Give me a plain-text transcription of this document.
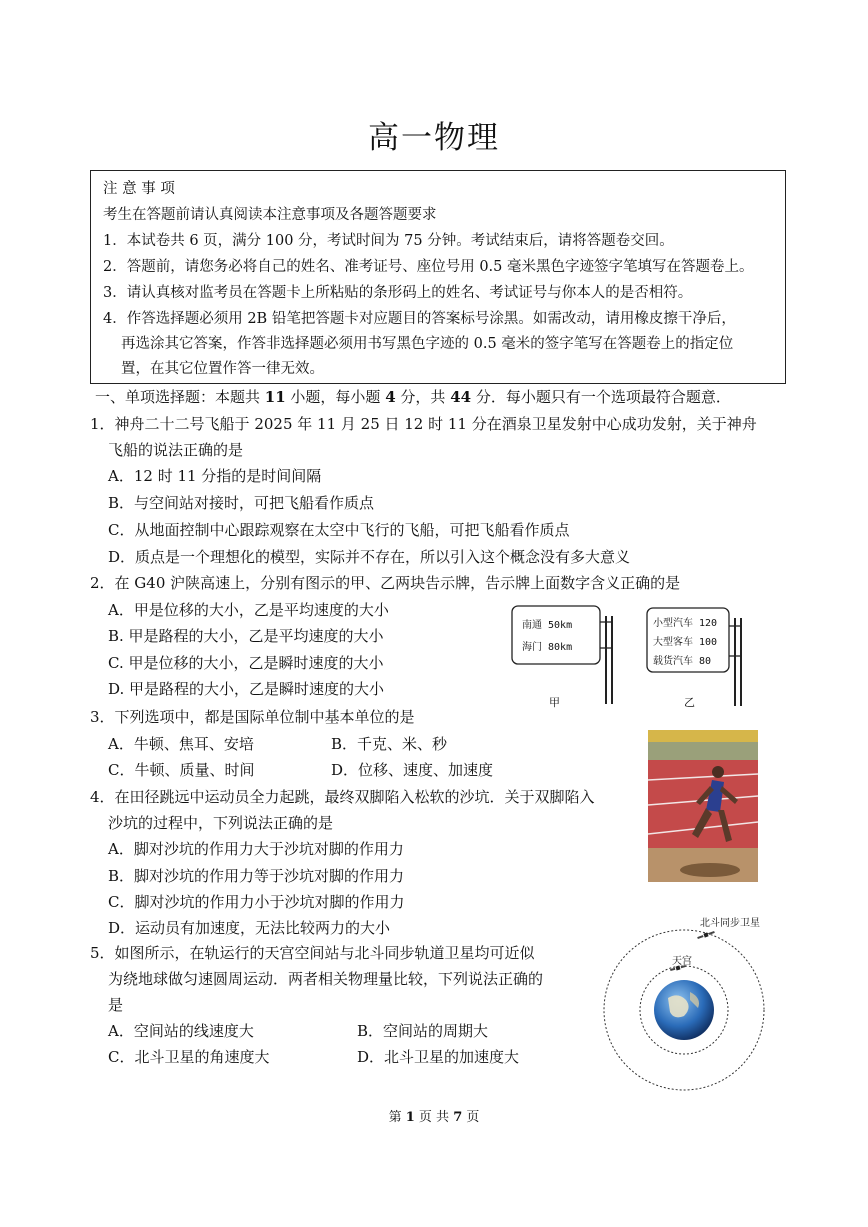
高一物理
注 意 事 项
考生在答题前请认真阅读本注意事项及各题答题要求
1．本试卷共 6 页，满分 100 分，考试时间为 75 分钟。考试结束后，请将答题卷交回。
2．答题前，请您务必将自己的姓名、准考证号、座位号用 0.5 毫米黑色字迹签字笔填写在答题卷上。
3．请认真核对监考员在答题卡上所粘贴的条形码上的姓名、考试证号与你本人的是否相符。
4．作答选择题必须用 2B 铅笔把答题卡对应题目的答案标号涂黑。如需改动，请用橡皮擦干净后，
再选涂其它答案，作答非选择题必须用书写黑色字迹的 0.5 毫米的签字笔写在答题卷上的指定位
置，在其它位置作答一律无效。
一、单项选择题：本题共 11 小题，每小题 4 分，共 44 分．每小题只有一个选项最符合题意．
1．神舟二十二号飞船于 2025 年 11 月 25 日 12 时 11 分在酒泉卫星发射中心成功发射，关于神舟
飞船的说法正确的是
A．12 时 11 分指的是时间间隔
B．与空间站对接时，可把飞船看作质点
C．从地面控制中心跟踪观察在太空中飞行的飞船，可把飞船看作质点
D．质点是一个理想化的模型，实际并不存在，所以引入这个概念没有多大意义
2．在 G40 沪陕高速上，分别有图示的甲、乙两块告示牌，告示牌上面数字含义正确的是
A．甲是位移的大小，乙是平均速度的大小
B. 甲是路程的大小，乙是平均速度的大小
C. 甲是位移的大小，乙是瞬时速度的大小
D. 甲是路程的大小，乙是瞬时速度的大小
南通 50km
海门 80km
甲
小型汽车 120
大型客车 100
载货汽车 80
乙
3．下列选项中，都是国际单位制中基本单位的是
A．牛顿、焦耳、安培	B．千克、米、秒
C．牛顿、质量、时间	D．位移、速度、加速度
4．在田径跳远中运动员全力起跳，最终双脚陷入松软的沙坑．关于双脚陷入
沙坑的过程中，下列说法正确的是
A．脚对沙坑的作用力大于沙坑对脚的作用力
B．脚对沙坑的作用力等于沙坑对脚的作用力
C．脚对沙坑的作用力小于沙坑对脚的作用力
D．运动员有加速度，无法比较两力的大小	北斗同步卫星
天宫
5．如图所示，在轨运行的天宫空间站与北斗同步轨道卫星均可近似
为绕地球做匀速圆周运动．两者相关物理量比较，下列说法正确的
是
A．空间站的线速度大	B．空间站的周期大
C．北斗卫星的角速度大	D．北斗卫星的加速度大
第 1 页 共 7 页
